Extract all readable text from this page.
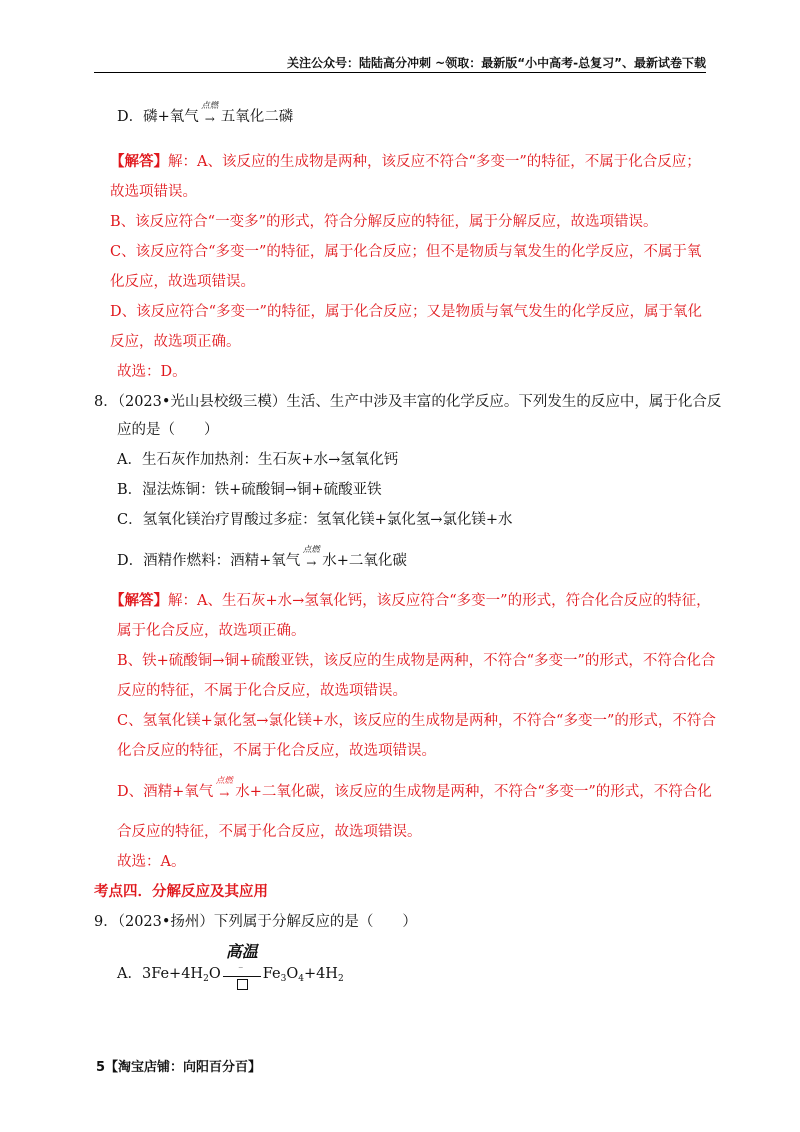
关注公众号：陆陆高分冲刺 ~领取：最新版“小中高考-总复习”、最新试卷下载
D．磷+氧气
点燃
→ 五氧化二磷
【解答】解：A、该反应的生成物是两种，该反应不符合“多变一”的特征，不属于化合反应；
故选项错误。
B、该反应符合“一变多”的形式，符合分解反应的特征，属于分解反应，故选项错误。
C、该反应符合“多变一”的特征，属于化合反应；但不是物质与氧发生的化学反应，不属于氧
化反应，故选项错误。
D、该反应符合“多变一”的特征，属于化合反应；又是物质与氧气发生的化学反应，属于氧化
反应，故选项正确。
故选：D。
8．（2023•光山县校级三模）生活、生产中涉及丰富的化学反应。下列发生的反应中，属于化合反
应的是（　　）
A．生石灰作加热剂：生石灰+水→氢氧化钙
B．湿法炼铜：铁+硫酸铜→铜+硫酸亚铁
C．氢氧化镁治疗胃酸过多症：氢氧化镁+氯化氢→氯化镁+水
D．酒精作燃料：酒精+氧气
点燃
→ 水+二氧化碳
【解答】解：A、生石灰+水→氢氧化钙，该反应符合“多变一”的形式，符合化合反应的特征，
属于化合反应，故选项正确。
B、铁+硫酸铜→铜+硫酸亚铁，该反应的生成物是两种，不符合“多变一”的形式，不符合化合
反应的特征，不属于化合反应，故选项错误。
C、氢氧化镁+氯化氢→氯化镁+水，该反应的生成物是两种，不符合“多变一”的形式，不符合
化合反应的特征，不属于化合反应，故选项错误。
D、酒精+氧气
点燃
→ 水+二氧化碳，该反应的生成物是两种，不符合“多变一”的形式，不符合化
合反应的特征，不属于化合反应，故选项错误。
故选：A。
考点四．分解反应及其应用
9．（2023•扬州）下列属于分解反应的是（　　）
A．$3Fe+4H_2O$
高温
‾ $Fe_3O_4+4H_2$
5【淘宝店铺：向阳百分百】
